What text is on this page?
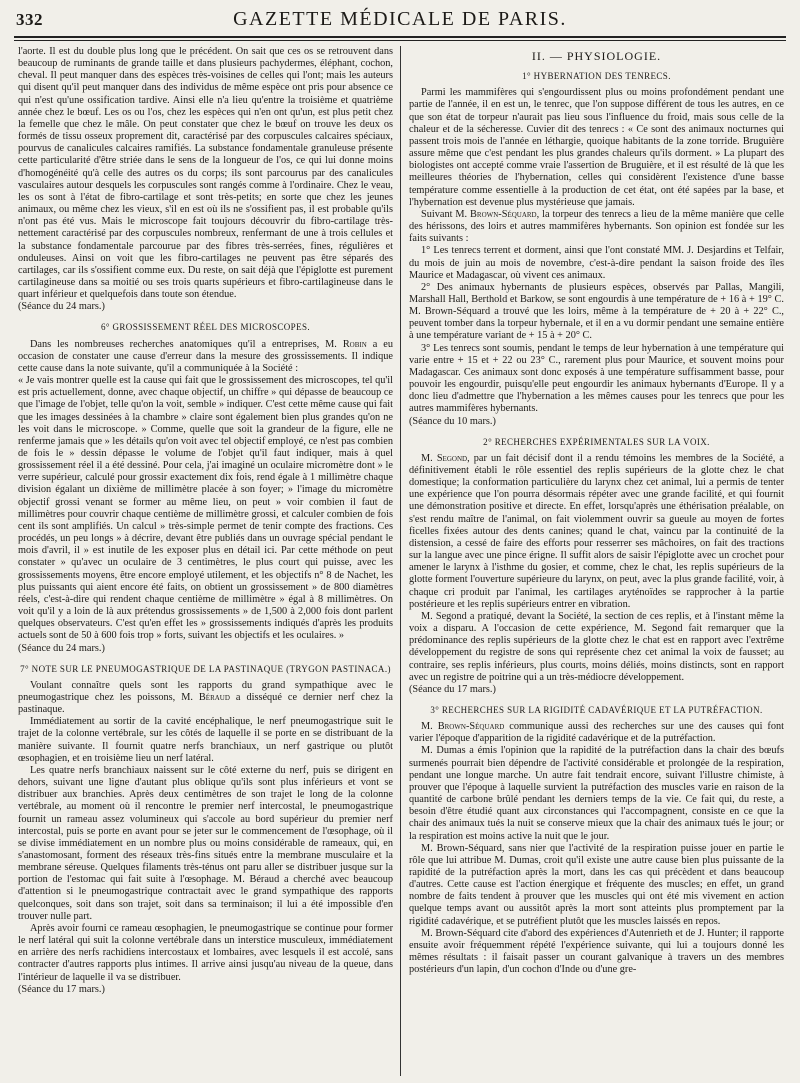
332	GAZETTE MÉDICALE DE PARIS.

l'aorte. Il est du double plus long que le précédent. On sait que ces os se retrouvent dans beaucoup de ruminants de grande taille et dans plusieurs pachydermes, éléphant, cochon, cheval. Il peut manquer dans des espèces très-voisines de celles qui l'ont; mais les auteurs qui disent qu'il peut manquer dans des individus de même espèce ont pris pour absence ce qui n'est qu'une ossification tardive. Ainsi elle n'a lieu qu'entre la troisième et quatrième année chez le bœuf. Les os ou l'os, chez les espèces qui n'en ont qu'un, est plus petit chez la femelle que chez le mâle. On peut constater que chez le bœuf on trouve les deux os formés de tissu osseux proprement dit, caractérisé par des corpuscules calcaires spéciaux, pourvus de canalicules calcaires ramifiés. La substance fondamentale granuleuse présente cette particularité d'être striée dans le sens de la longueur de l'os, ce qui lui donne moins d'homogénéité qu'à celle des autres os du corps; ils sont parcourus par des canalicules vasculaires autour desquels les corpuscules sont rangés comme à l'ordinaire. Chez le veau, les os sont à l'état de fibro-cartilage et sont très-petits; en sorte que chez les jeunes animaux, ou même chez les vieux, s'il en est où ils ne s'ossifient pas, il est probable qu'ils n'ont pas été vus. Mais le microscope fait toujours découvrir du fibro-cartilage très-nettement caractérisé par des corpuscules nombreux, renfermant de une à trois cellules et la substance fondamentale parcourue par des fibres très-serrées, fines, régulières et onduleuses. Ainsi on voit que les fibro-cartilages ne peuvent pas être séparés des cartilages, car ils s'ossifient comme eux. Du reste, on sait déjà que l'épiglotte est purement cartilagineuse dans sa moitié ou ses trois quarts supérieurs et fibro-cartilagineuse dans le quart inférieur et quelquefois dans toute son étendue.

(Séance du 24 mars.)

6° GROSSISSEMENT RÉEL DES MICROSCOPES.

Dans les nombreuses recherches anatomiques qu'il a entreprises, M. Robin a eu occasion de constater une cause d'erreur dans la mesure des grossissements. Il indique cette cause dans la note suivante, qu'il a communiquée à la Société :

« Je vais montrer quelle est la cause qui fait que le grossissement des microscopes, tel qu'il est pris actuellement, donne, avec chaque objectif, un chiffre » qui dépasse de beaucoup ce que l'image de l'objet, telle qu'on la voit, semble » indiquer. C'est cette même cause qui fait que les images dessinées à la chambre » claire sont également bien plus grandes qu'on ne les voit dans le microscope. » Comme, quelle que soit la grandeur de la figure, elle ne renferme jamais que » les détails qu'on voit avec tel objectif employé, ce n'est pas combien de fois le » dessin dépasse le volume de l'objet qu'il faut indiquer, mais à quel grossissement réel il a été dessiné. Pour cela, j'ai imaginé un oculaire micromètre dont » le verre supérieur, calculé pour grossir exactement dix fois, rend égale à 1 millimètre chaque division égalant un dixième de millimètre placée à son foyer; » l'image du micromètre objectif grossi venant se former au même lieu, on peut » voir combien il faut de millimètres pour couvrir chaque centième de millimètre grossi, et calculer combien de fois cent ils sont amplifiés. Un calcul » très-simple permet de tenir compte des fractions. Ces procédés, un peu longs » à décrire, devant être publiés dans un ouvrage spécial pendant le mois d'avril, il » est inutile de les exposer plus en détail ici. Par cette méthode on peut constater » qu'avec un oculaire de 3 centimètres, le plus court qui puisse, avec les grossissements moyens, être encore employé utilement, et les objectifs n° 8 de Nachet, les plus puissants qui aient encore été faits, on obtient un grossissement » de 800 diamètres réels, c'est-à-dire qui rendent chaque centième de millimètre » égal à 8 millimètres. On voit qu'il y a loin de là aux prétendus grossissements » de 1,500 à 2,000 fois dont parlent quelques observateurs. C'est qu'en effet les » grossissements indiqués d'après les produits actuels sont de 50 à 600 fois trop » forts, suivant les objectifs et les oculaires. »

(Séance du 24 mars.)

7° NOTE SUR LE PNEUMOGASTRIQUE DE LA PASTINAQUE (TRYGON PASTINACA.)

Voulant connaître quels sont les rapports du grand sympathique avec le pneumogastrique chez les poissons, M. Béraud a disséqué ce dernier nerf chez la pastinaque.

Immédiatement au sortir de la cavité encéphalique, le nerf pneumogastrique suit le trajet de la colonne vertébrale, sur les côtés de laquelle il se porte en se distribuant de la manière suivante. Il fournit quatre nerfs branchiaux, un nerf gastrique ou plutôt œsophagien, et en troisième lieu un nerf latéral.

Les quatre nerfs branchiaux naissent sur le côté externe du nerf, puis se dirigent en dehors, suivant une ligne d'autant plus oblique qu'ils sont plus inférieurs et vont se distribuer aux branchies. Après deux centimètres de son trajet le long de la colonne vertébrale, au moment où il rencontre le premier nerf intercostal, le pneumogastrique fournit un rameau assez volumineux qui s'accole au bord supérieur du premier nerf intercostal, puis se porte en avant pour se jeter sur le commencement de l'œsophage, où il se divise immédiatement en un nombre plus ou moins considérable de rameaux, qui, en s'anastomosant, forment des réseaux très-fins situés entre la membrane musculaire et la membrane séreuse. Quelques filaments très-ténus ont paru aller se distribuer jusque sur la portion de l'estomac qui fait suite à l'œsophage. M. Béraud a cherché avec beaucoup d'attention si le pneumogastrique contractait avec le grand sympathique des rapports quelconques, soit dans son trajet, soit dans sa terminaison; il lui a été impossible d'en trouver nulle part.

Après avoir fourni ce rameau œsophagien, le pneumogastrique se continue pour former le nerf latéral qui suit la colonne vertébrale dans un interstice musculeux, immédiatement en arrière des nerfs rachidiens intercostaux et lombaires, avec lesquels il est accolé, sans contracter d'autres rapports plus intimes. Il arrive ainsi jusqu'au niveau de la queue, dans l'intérieur de laquelle il va se distribuer.

(Séance du 17 mars.)

II. — PHYSIOLOGIE.
1° HYBERNATION DES TENRECS.

Parmi les mammifères qui s'engourdissent plus ou moins profondément pendant une partie de l'année, il en est un, le tenrec, que l'on suppose différent de tous les autres, en ce que son état de torpeur n'aurait pas lieu sous l'influence du froid, mais sous celle de la chaleur et de la sécheresse. Cuvier dit des tenrecs : « Ce sont des animaux nocturnes qui passent trois mois de l'année en léthargie, quoique habitants de la zone torride. Bruguière assure même que c'est pendant les plus grandes chaleurs qu'ils dorment. » La plupart des biologistes ont accepté comme vraie l'assertion de Bruguière, et il est résulté de là que les meilleures théories de l'hybernation, celles qui considèrent l'existence d'une basse température comme essentielle à la production de cet état, ont été sapées par la base, et l'hybernation est devenue plus mystérieuse que jamais.

Suivant M. Brown-Séquard, la torpeur des tenrecs a lieu de la même manière que celle des hérissons, des loirs et autres mammifères hybernants. Son opinion est fondée sur les faits suivants :

1° Les tenrecs terrent et dorment, ainsi que l'ont constaté MM. J. Desjardins et Telfair, du mois de juin au mois de novembre, c'est-à-dire pendant la saison froide des îles Maurice et Madagascar, où vivent ces animaux.

2° Des animaux hybernants de plusieurs espèces, observés par Pallas, Mangili, Marshall Hall, Berthold et Barkow, se sont engourdis à une température de + 16 à + 19° C. M. Brown-Séquard a trouvé que les loirs, même à la température de + 20 à + 22° C., peuvent tomber dans la torpeur hybernale, et il en a vu dormir pendant une semaine entière à une température variant de + 15 à + 20° C.

3° Les tenrecs sont soumis, pendant le temps de leur hybernation à une température qui varie entre + 15 et + 22 ou 23° C., rarement plus pour Maurice, et souvent moins pour Madagascar. Ces animaux sont donc exposés à une température suffisamment basse, pour pouvoir les engourdir, puisqu'elle peut engourdir les animaux hybernants d'Europe. Il y a donc lieu d'admettre que l'hybernation a les mêmes causes pour les tenrecs que pour les autres mammifères hybernants.

(Séance du 10 mars.)

2° RECHERCHES EXPÉRIMENTALES SUR LA VOIX.

M. Segond, par un fait décisif dont il a rendu témoins les membres de la Société, a définitivement établi le rôle essentiel des replis supérieurs de la glotte chez le chat domestique; la conformation particulière du larynx chez cet animal, lui a permis de tenter une expérience que l'on pourra désormais répéter avec une grande facilité, et qui fournit une démonstration positive et directe. En effet, lorsqu'après une éthérisation préalable, on s'est rendu maître de l'animal, on fait violemment ouvrir sa gueule au moyen de fortes ficelles fixées autour des dents canines; quand le chat, vaincu par la continuité de la distension, a cessé de faire des efforts pour resserrer ses mâchoires, on fait des tractions sur la langue avec une pince érigne. Il suffit alors de saisir l'épiglotte avec un crochet pour amener le larynx à l'isthme du gosier, et comme, chez le chat, les replis supérieurs de la glotte forment l'ouverture supérieure du larynx, on peut, avec la plus grande facilité, voir, à chaque cri produit par l'animal, les cartilages aryténoïdes se rapprocher à la partie postérieure et les replis supérieurs entrer en vibration.

M. Segond a pratiqué, devant la Société, la section de ces replis, et à l'instant même la voix a disparu. A l'occasion de cette expérience, M. Segond fait remarquer que la prédominance des replis supérieurs de la glotte chez le chat est en rapport avec l'extrême développement du registre de sons qui représente chez cet animal la voix de fausset; au contraire, ses replis inférieurs, plus courts, moins déliés, moins distincts, sont en rapport avec un registre de poitrine qui a un très-médiocre développement.

(Séance du 17 mars.)

3° RECHERCHES SUR LA RIGIDITÉ CADAVÉRIQUE ET LA PUTRÉFACTION.

M. Brown-Séquard communique aussi des recherches sur une des causes qui font varier l'époque d'apparition de la rigidité cadavérique et de la putréfaction.

M. Dumas a émis l'opinion que la rapidité de la putréfaction dans la chair des bœufs surmenés pourrait bien dépendre de l'activité considérable et prolongée de la respiration, pendant une longue marche. Un autre fait tendrait encore, suivant l'illustre chimiste, à prouver que l'époque à laquelle survient la putréfaction des muscles varie en raison de la quantité de carbone brûlé pendant les derniers temps de la vie. Ce fait qui, du reste, a besoin d'être étudié quant aux circonstances qui l'accompagnent, consiste en ce que la chair des animaux tués la nuit se conserve mieux que la chair des animaux tués le jour; or la respiration est moins active la nuit que le jour.

M. Brown-Séquard, sans nier que l'activité de la respiration puisse jouer en partie le rôle que lui attribue M. Dumas, croit qu'il existe une autre cause bien plus puissante de la rapidité de la putréfaction après la mort, dans les cas qui précèdent et dans beaucoup d'autres. Cette cause est l'action énergique et fréquente des muscles; en effet, un grand nombre de faits tendent à prouver que les muscles qui ont été mis vivement en action quelque temps avant ou aussitôt après la mort sont atteints plus promptement par la rigidité cadavérique, et se putréfient plutôt que les muscles laissés en repos.

M. Brown-Séquard cite d'abord des expériences d'Autenrieth et de J. Hunter; il rapporte ensuite avoir fréquemment répété l'expérience suivante, qui lui a toujours donné les mêmes résultats : il faisait passer un courant galvanique à travers un des membres postérieurs d'un lapin, d'un cochon d'Inde ou d'une gre-
